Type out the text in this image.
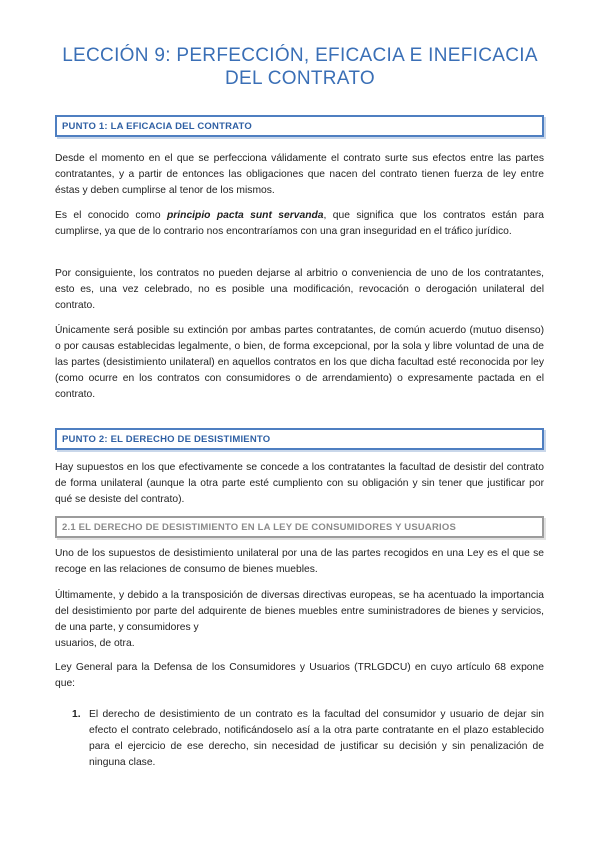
LECCIÓN 9: PERFECCIÓN, EFICACIA E INEFICACIA
DEL CONTRATO
PUNTO 1: LA EFICACIA DEL CONTRATO

Desde el momento en el que se perfecciona válidamente el contrato surte sus efectos entre las partes contratantes, y a partir de entonces las obligaciones que nacen del contrato tienen fuerza de ley entre éstas y deben cumplirse al tenor de los mismos.

Es el conocido como principio pacta sunt servanda, que significa que los contratos están para cumplirse, ya que de lo contrario nos encontraríamos con una gran inseguridad en el tráfico jurídico.

Por consiguiente, los contratos no pueden dejarse al arbitrio o conveniencia de uno de los contratantes, esto es, una vez celebrado, no es posible una modificación, revocación o derogación unilateral del contrato.

Únicamente será posible su extinción por ambas partes contratantes, de común acuerdo (mutuo disenso) o por causas establecidas legalmente, o bien, de forma excepcional, por la sola y libre voluntad de una de las partes (desistimiento unilateral) en aquellos contratos en los que dicha facultad esté reconocida por ley (como ocurre en los contratos con consumidores o de arrendamiento) o expresamente pactada en el contrato.

PUNTO 2: EL DERECHO DE DESISTIMIENTO

Hay supuestos en los que efectivamente se concede a los contratantes la facultad de desistir del contrato de forma unilateral (aunque la otra parte esté cumpliento con su obligación y sin tener que justificar por qué se desiste del contrato).

2.1 EL DERECHO DE DESISTIMIENTO EN LA LEY DE CONSUMIDORES Y USUARIOS

Uno de los supuestos de desistimiento unilateral por una de las partes recogidos en una Ley es el que se recoge en las relaciones de consumo de bienes muebles.

Últimamente, y debido a la transposición de diversas directivas europeas, se ha acentuado la importancia del desistimiento por parte del adquirente de bienes muebles entre suministradores de bienes y servicios, de una parte, y consumidores y
usuarios, de otra.

Ley General para la Defensa de los Consumidores y Usuarios (TRLGDCU) en cuyo artículo 68 expone que:

1. El derecho de desistimiento de un contrato es la facultad del consumidor y usuario de dejar sin efecto el contrato celebrado, notificándoselo así a la otra parte contratante en el plazo establecido para el ejercicio de ese derecho, sin necesidad de justificar su decisión y sin penalización de ninguna clase.
